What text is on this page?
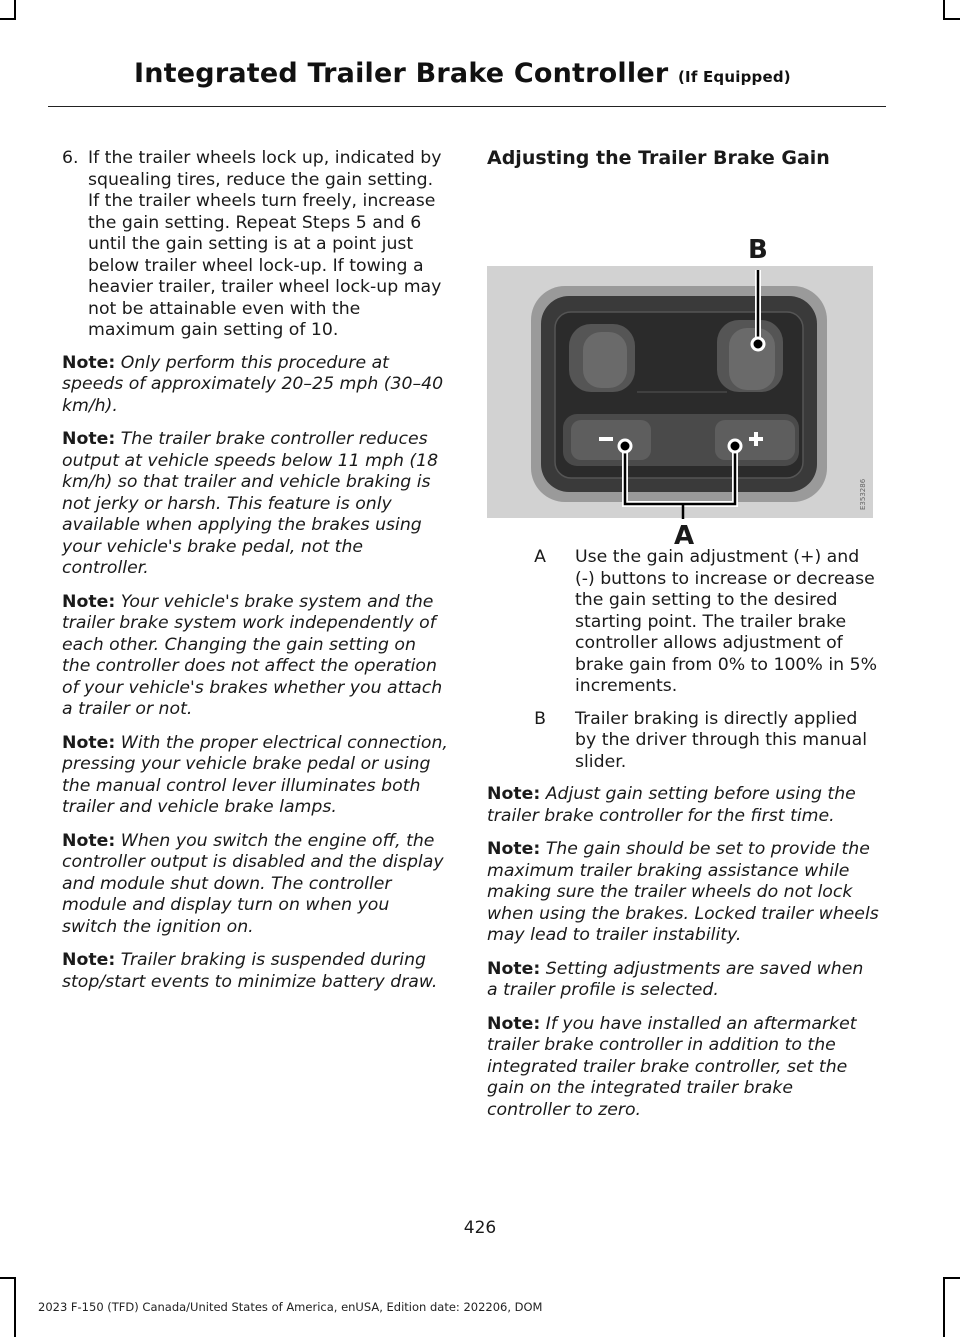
Integrated Trailer Brake Controller (If Equipped)
6. If the trailer wheels lock up, indicated by squealing tires, reduce the gain setting. If the trailer wheels turn freely, increase the gain setting. Repeat Steps 5 and 6 until the gain setting is at a point just below trailer wheel lock-up. If towing a heavier trailer, trailer wheel lock-up may not be attainable even with the maximum gain setting of 10.

Note: Only perform this procedure at speeds of approximately 20–25 mph (30–40 km/h).

Note: The trailer brake controller reduces output at vehicle speeds below 11 mph (18 km/h) so that trailer and vehicle braking is not jerky or harsh. This feature is only available when applying the brakes using your vehicle's brake pedal, not the controller.

Note: Your vehicle's brake system and the trailer brake system work independently of each other. Changing the gain setting on the controller does not affect the operation of your vehicle's brakes whether you attach a trailer or not.

Note: With the proper electrical connection, pressing your vehicle brake pedal or using the manual control lever illuminates both trailer and vehicle brake lamps.

Note: When you switch the engine off, the controller output is disabled and the display and module shut down. The controller module and display turn on when you switch the ignition on.

Note: Trailer braking is suspended during stop/start events to minimize battery draw.

Adjusting the Trailer Brake Gain
E353286
B
A
A	Use the gain adjustment (+) and (-) buttons to increase or decrease the gain setting to the desired starting point. The trailer brake controller allows adjustment of brake gain from 0% to 100% in 5% increments.
B	Trailer braking is directly applied by the driver through this manual slider.

Note: Adjust gain setting before using the trailer brake controller for the first time.

Note: The gain should be set to provide the maximum trailer braking assistance while making sure the trailer wheels do not lock when using the brakes. Locked trailer wheels may lead to trailer instability.

Note: Setting adjustments are saved when a trailer profile is selected.

Note: If you have installed an aftermarket trailer brake controller in addition to the integrated trailer brake controller, set the gain on the integrated trailer brake controller to zero.

426
2023 F-150 (TFD) Canada/United States of America, enUSA, Edition date: 202206, DOM
